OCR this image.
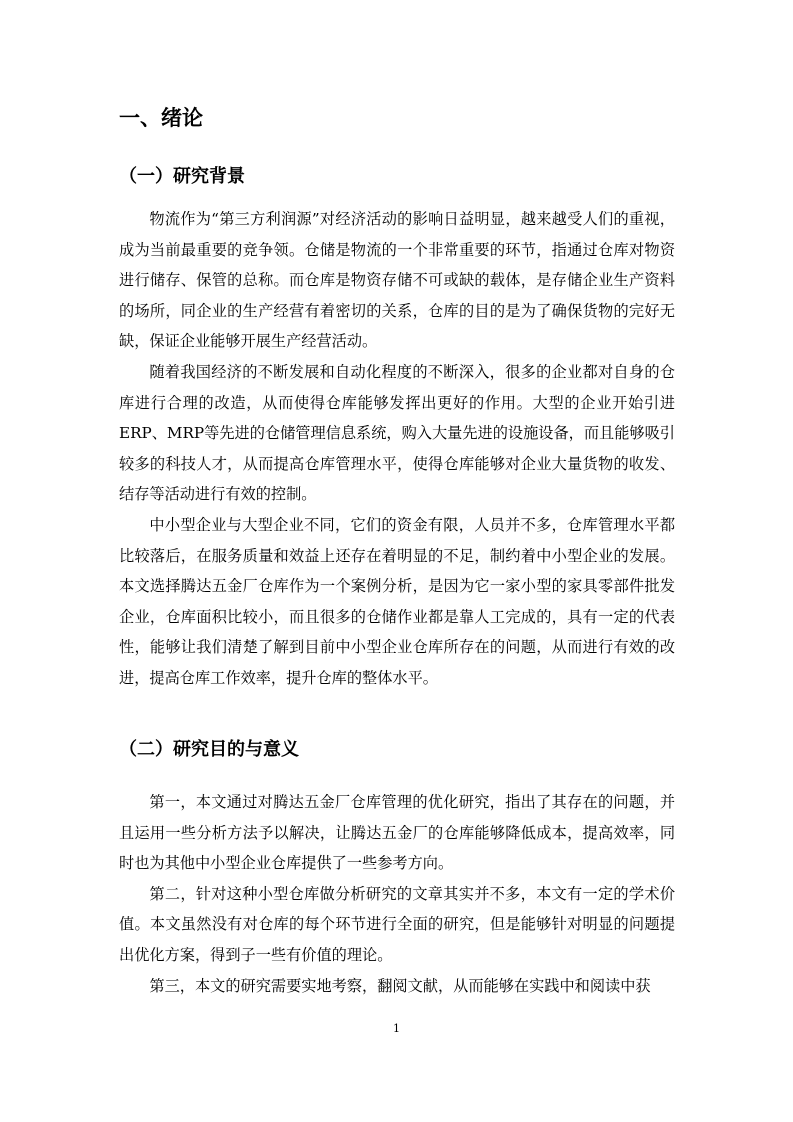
一、绪论
（一）研究背景

物流作为“第三方利润源”对经济活动的影响日益明显，越来越受人们的重视，成为当前最重要的竞争领。仓储是物流的一个非常重要的环节，指通过仓库对物资进行储存、保管的总称。而仓库是物资存储不可或缺的载体，是存储企业生产资料的场所，同企业的生产经营有着密切的关系，仓库的目的是为了确保货物的完好无缺，保证企业能够开展生产经营活动。

随着我国经济的不断发展和自动化程度的不断深入，很多的企业都对自身的仓库进行合理的改造，从而使得仓库能够发挥出更好的作用。大型的企业开始引进ERP、MRP等先进的仓储管理信息系统，购入大量先进的设施设备，而且能够吸引较多的科技人才，从而提高仓库管理水平，使得仓库能够对企业大量货物的收发、结存等活动进行有效的控制。

中小型企业与大型企业不同，它们的资金有限，人员并不多，仓库管理水平都比较落后，在服务质量和效益上还存在着明显的不足，制约着中小型企业的发展。本文选择腾达五金厂仓库作为一个案例分析，是因为它一家小型的家具零部件批发企业，仓库面积比较小，而且很多的仓储作业都是靠人工完成的，具有一定的代表性，能够让我们清楚了解到目前中小型企业仓库所存在的问题，从而进行有效的改进，提高仓库工作效率，提升仓库的整体水平。

（二）研究目的与意义

第一，本文通过对腾达五金厂仓库管理的优化研究，指出了其存在的问题，并且运用一些分析方法予以解决，让腾达五金厂的仓库能够降低成本，提高效率，同时也为其他中小型企业仓库提供了一些参考方向。

第二，针对这种小型仓库做分析研究的文章其实并不多，本文有一定的学术价值。本文虽然没有对仓库的每个环节进行全面的研究，但是能够针对明显的问题提出优化方案，得到子一些有价值的理论。

第三，本文的研究需要实地考察，翻阅文献，从而能够在实践中和阅读中获

1
